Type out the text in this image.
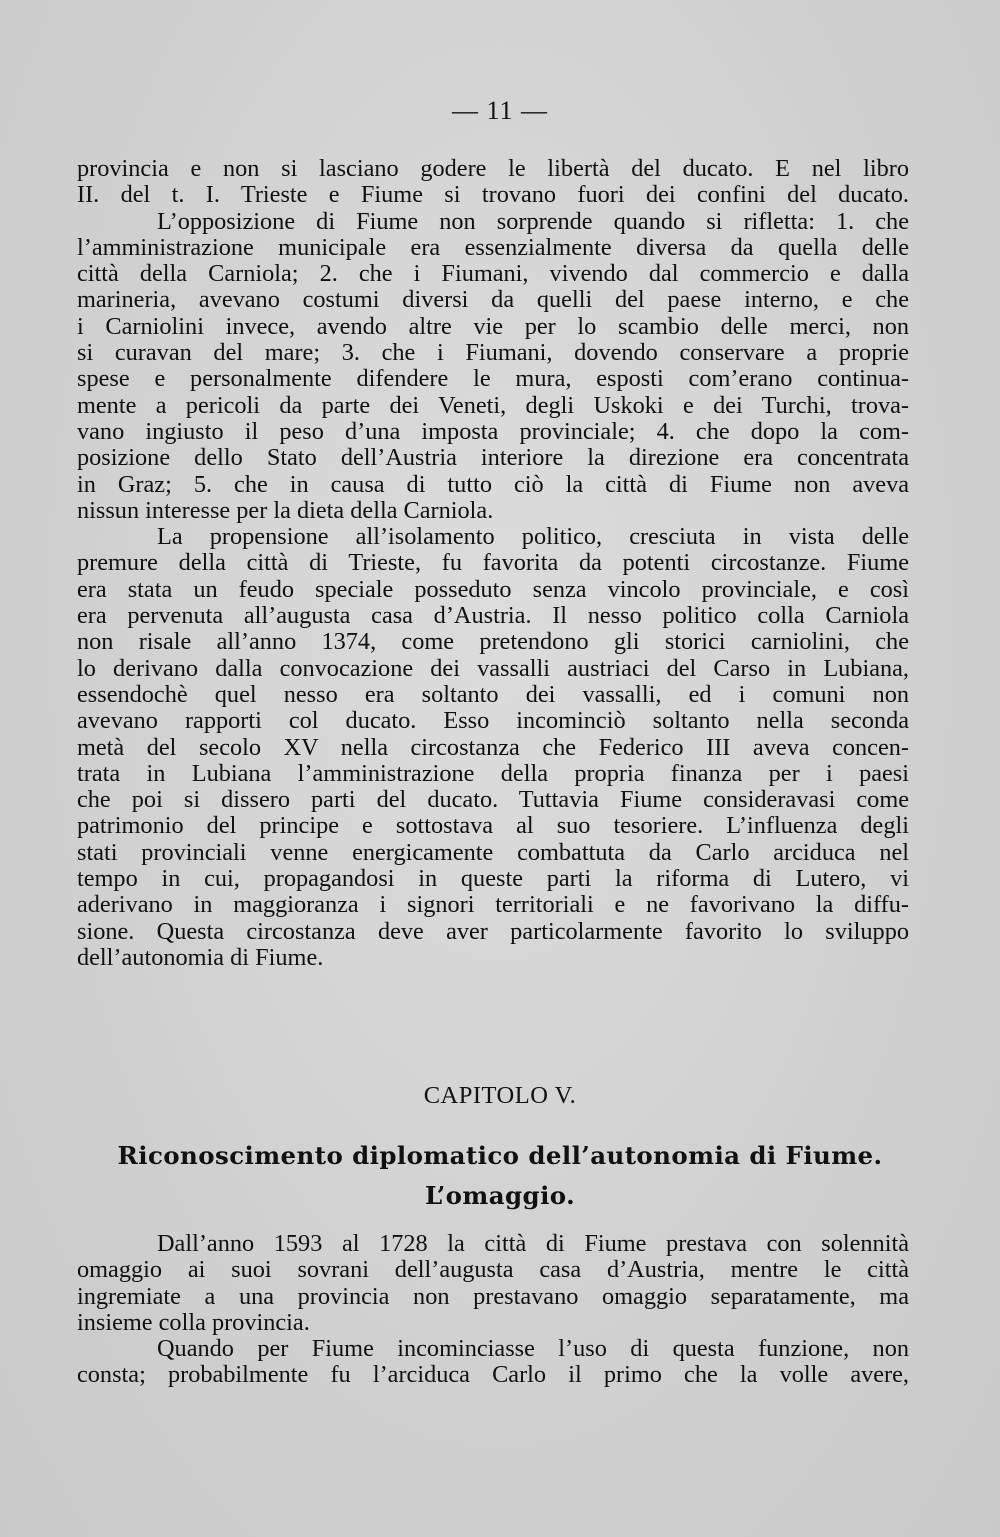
— 11 —
provincia e non si lasciano godere le libertà del ducato. E nel libro
II. del t. I. Trieste e Fiume si trovano fuori dei confini del ducato.
L’opposizione di Fiume non sorprende quando si rifletta: 1. che
l’amministrazione municipale era essenzialmente diversa da quella delle
città della Carniola; 2. che i Fiumani, vivendo dal commercio e dalla
marineria, avevano costumi diversi da quelli del paese interno, e che
i Carniolini invece, avendo altre vie per lo scambio delle merci, non
si curavan del mare; 3. che i Fiumani, dovendo conservare a proprie
spese e personalmente difendere le mura, esposti com’erano continua-
mente a pericoli da parte dei Veneti, degli Uskoki e dei Turchi, trova-
vano ingiusto il peso d’una imposta provinciale; 4. che dopo la com-
posizione dello Stato dell’Austria interiore la direzione era concentrata
in Graz; 5. che in causa di tutto ciò la città di Fiume non aveva
nissun interesse per la dieta della Carniola.
La propensione all’isolamento politico, cresciuta in vista delle
premure della città di Trieste, fu favorita da potenti circostanze. Fiume
era stata un feudo speciale posseduto senza vincolo provinciale, e così
era pervenuta all’augusta casa d’Austria. Il nesso politico colla Carniola
non risale all’anno 1374, come pretendono gli storici carniolini, che
lo derivano dalla convocazione dei vassalli austriaci del Carso in Lubiana,
essendochè quel nesso era soltanto dei vassalli, ed i comuni non
avevano rapporti col ducato. Esso incominciò soltanto nella seconda
metà del secolo XV nella circostanza che Federico III aveva concen-
trata in Lubiana l’amministrazione della propria finanza per i paesi
che poi si dissero parti del ducato. Tuttavia Fiume consideravasi come
patrimonio del principe e sottostava al suo tesoriere. L’influenza degli
stati provinciali venne energicamente combattuta da Carlo arciduca nel
tempo in cui, propagandosi in queste parti la riforma di Lutero, vi
aderivano in maggioranza i signori territoriali e ne favorivano la diffu-
sione. Questa circostanza deve aver particolarmente favorito lo sviluppo
dell’autonomia di Fiume.
CAPITOLO V.
Riconoscimento diplomatico dell’autonomia di Fiume.
L’omaggio.
Dall’anno 1593 al 1728 la città di Fiume prestava con solennità
omaggio ai suoi sovrani dell’augusta casa d’Austria, mentre le città
ingremiate a una provincia non prestavano omaggio separatamente, ma
insieme colla provincia.
Quando per Fiume incominciasse l’uso di questa funzione, non
consta; probabilmente fu l’arciduca Carlo il primo che la volle avere,
